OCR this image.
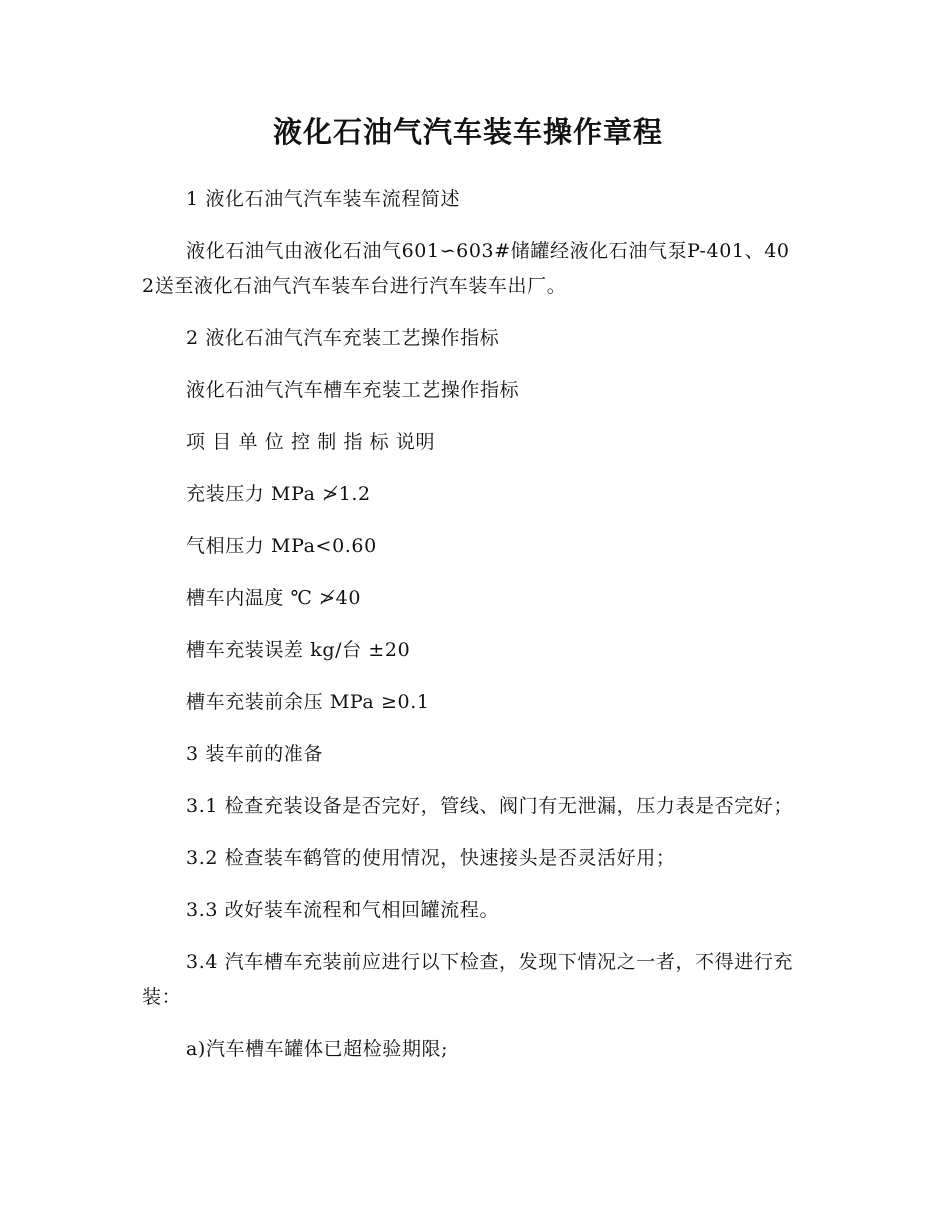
液化石油气汽车装车操作章程

1 液化石油气汽车装车流程简述

液化石油气由液化石油气601∽603#储罐经液化石油气泵P-401、402送至液化石油气汽车装车台进行汽车装车出厂。

2 液化石油气汽车充装工艺操作指标

液化石油气汽车槽车充装工艺操作指标

项 目 单 位 控 制 指 标 说明

充装压力 MPa ≯1.2

气相压力 MPa<0.60

槽车内温度 ℃ ≯40

槽车充装误差 kg/台 ±20

槽车充装前余压 MPa ≥0.1

3 装车前的准备

3.1 检查充装设备是否完好，管线、阀门有无泄漏，压力表是否完好；

3.2 检查装车鹤管的使用情况，快速接头是否灵活好用；

3.3 改好装车流程和气相回罐流程。

3.4 汽车槽车充装前应进行以下检查，发现下情况之一者，不得进行充装：

a)汽车槽车罐体已超检验期限;
